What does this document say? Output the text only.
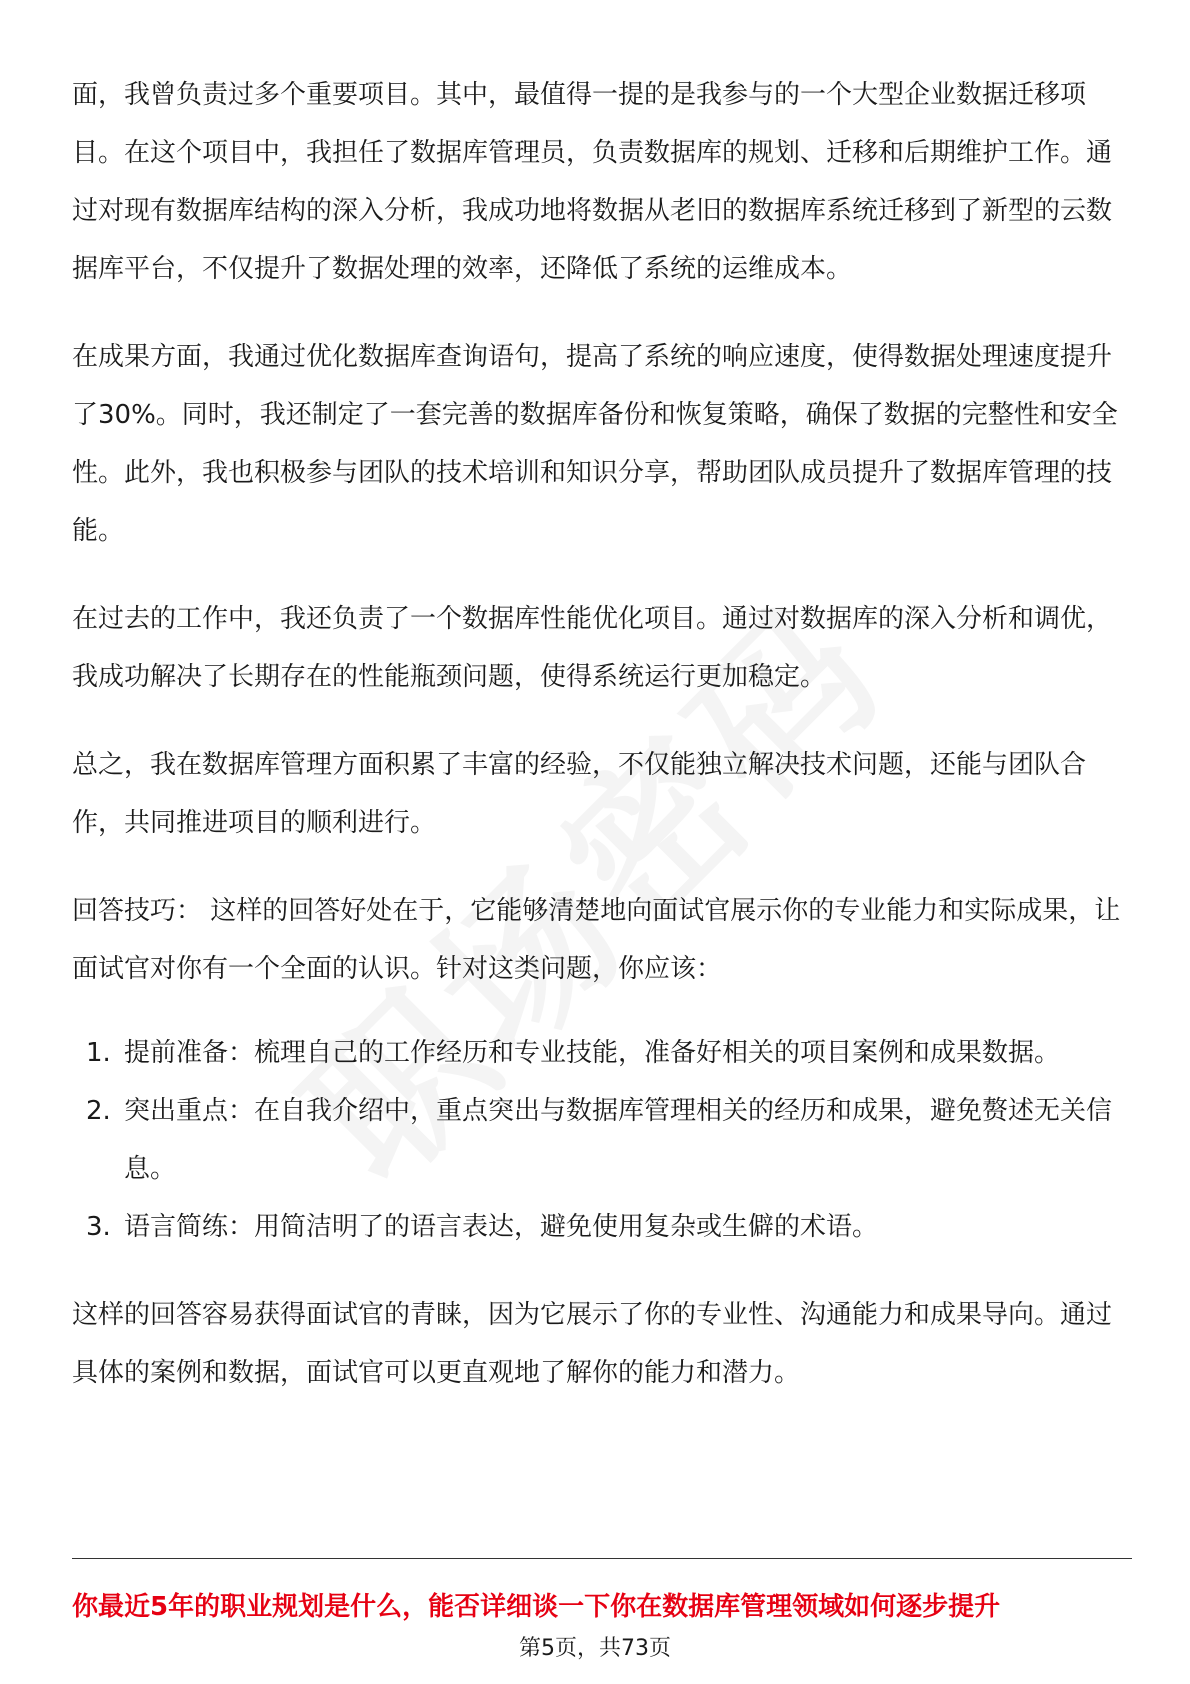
面，我曾负责过多个重要项目。其中，最值得一提的是我参与的一个大型企业数据迁移项目。在这个项目中，我担任了数据库管理员，负责数据库的规划、迁移和后期维护工作。通过对现有数据库结构的深入分析，我成功地将数据从老旧的数据库系统迁移到了新型的云数据库平台，不仅提升了数据处理的效率，还降低了系统的运维成本。

在成果方面，我通过优化数据库查询语句，提高了系统的响应速度，使得数据处理速度提升了30%。同时，我还制定了一套完善的数据库备份和恢复策略，确保了数据的完整性和安全性。此外，我也积极参与团队的技术培训和知识分享，帮助团队成员提升了数据库管理的技能。

在过去的工作中，我还负责了一个数据库性能优化项目。通过对数据库的深入分析和调优，我成功解决了长期存在的性能瓶颈问题，使得系统运行更加稳定。

总之，我在数据库管理方面积累了丰富的经验，不仅能独立解决技术问题，还能与团队合作，共同推进项目的顺利进行。

回答技巧： 这样的回答好处在于，它能够清楚地向面试官展示你的专业能力和实际成果，让面试官对你有一个全面的认识。针对这类问题，你应该：

1. 提前准备：梳理自己的工作经历和专业技能，准备好相关的项目案例和成果数据。
2. 突出重点：在自我介绍中，重点突出与数据库管理相关的经历和成果，避免赘述无关信息。
3. 语言简练：用简洁明了的语言表达，避免使用复杂或生僻的术语。

这样的回答容易获得面试官的青睐，因为它展示了你的专业性、沟通能力和成果导向。通过具体的案例和数据，面试官可以更直观地了解你的能力和潜力。

你最近5年的职业规划是什么，能否详细谈一下你在数据库管理领域如何逐步提升
第5页，共73页
